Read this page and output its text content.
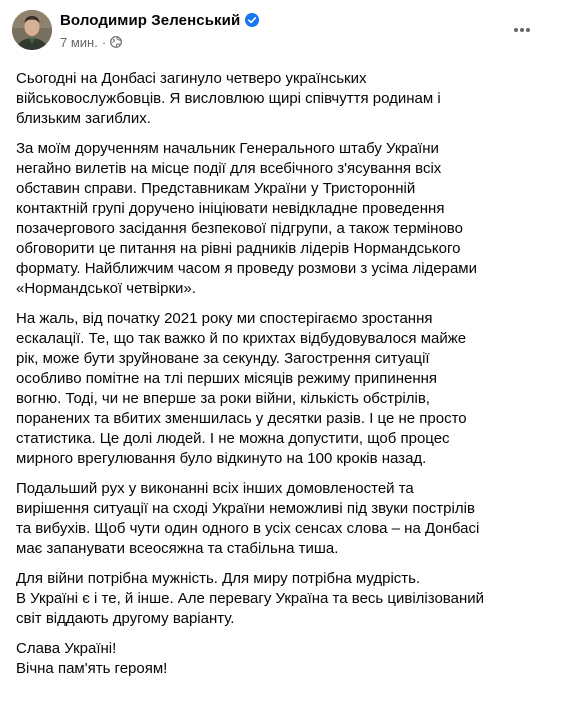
Володимир Зеленський
7 мин. ·
Сьогодні на Донбасі загинуло четверо українських
військовослужбовців. Я висловлюю щирі співчуття родинам і
близьким загиблих.
За моїм дорученням начальник Генерального штабу України
негайно вилетів на місце події для всебічного з'ясування всіх
обставин справи. Представникам України у Тристоронній
контактній групі доручено ініціювати невідкладне проведення
позачергового засідання безпекової підгрупи, а також терміново
обговорити це питання на рівні радників лідерів Нормандського
формату. Найближчим часом я проведу розмови з усіма лідерами
«Нормандської четвірки».
На жаль, від початку 2021 року ми спостерігаємо зростання
ескалації. Те, що так важко й по крихтах відбудовувалося майже
рік, може бути зруйноване за секунду. Загострення ситуації
особливо помітне на тлі перших місяців режиму припинення
вогню. Тоді, чи не вперше за роки війни, кількість обстрілів,
поранених та вбитих зменшилась у десятки разів. І це не просто
статистика. Це долі людей. І не можна допустити, щоб процес
мирного врегулювання було відкинуто на 100 кроків назад.
Подальший рух у виконанні всіх інших домовленостей та
вирішення ситуації на сході України неможливі під звуки пострілів
та вибухів. Щоб чути один одного в усіх сенсах слова – на Донбасі
має запанувати всеосяжна та стабільна тиша.
Для війни потрібна мужність. Для миру потрібна мудрість.
В Україні є і те, й інше. Але перевагу Україна та весь цивілізований
світ віддають другому варіанту.
Слава Україні!
Вічна пам'ять героям!
